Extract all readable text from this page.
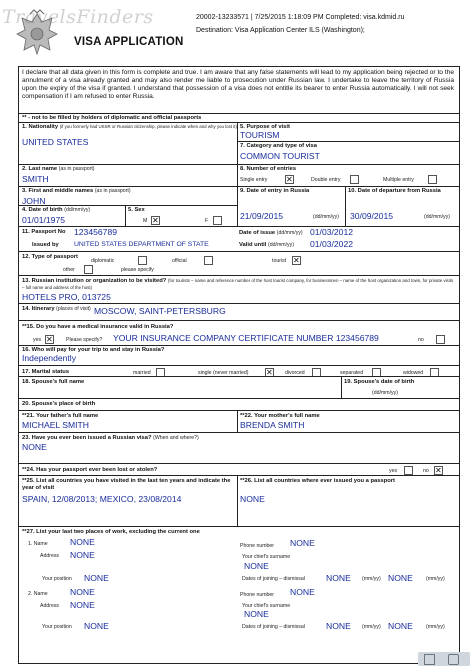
TravelsFinders	20002-13233571 | 7/25/2015 1:18:09 PM Completed: visa.kdmid.ru
Destination: Visa Application Center ILS (Washington);
VISA APPLICATION
I declare that all data given in this form is complete and true. I am aware that any false statements will lead to my application being rejected or to the annulment of a visa already granted and may also render me liable to prosecution under Russian law. I undertake to leave the territory of Russia upon the expiry of the visa if granted. I understand that possession of a visa does not entitle its bearer to enter Russia automatically. I will not seek compensation if I am refused to enter Russia.
** - not to be filled by holders of diplomatic and official passports
1. Nationality (if you formerly had USSR or Russian citizenship, please indicate when and why you lost it)
UNITED STATES
5. Purpose of visit
TOURISM
7. Category and type of visa
COMMON TOURIST
2. Last name (as in passport)
SMITH
8. Number of entries
Single entry ✕	Double entry	Multiple entry
3. First and middle names (as in passport)
JOHN
9. Date of entry in Russia
21/09/2015	(dd/mm/yy)
10. Date of departure from Russia
30/09/2015	(dd/mm/yy)
4. Date of birth (dd/mm/yy)
01/01/1975
5. Sex
M ✕	F
11. Passport No 123456789
Issued by UNITED STATES DEPARTMENT OF STATE
Date of issue (dd/mm/yy) 01/03/2012
Valid until (dd/mm/yy) 01/03/2022
12. Type of passport
diplomatic	official	tourist ✕
other	please specify
13. Russian institution or organization to be visited? (for tourists – name and reference number of the host tourist company, for businessmen – name of the host organization and town, for private visits – full name and address of the host)
HOTELS PRO, 013725
14. Itinerary (places of visit) MOSCOW, SAINT-PETERSBURG
**15. Do you have a medical insurance valid in Russia?
yes ✕	Please specify? YOUR INSURANCE COMPANY CERTIFICATE NUMBER 123456789	no
16. Who will pay for your trip to and stay in Russia?
Independently
17. Marital status	married	single (never married) ✕ divorced	separated	widowed
18. Spouse's full name	19. Spouse's date of birth
(dd/mm/yy)
20. Spouse's place of birth
**21. Your father's full name
MICHAEL SMITH
**22. Your mother's full name
BRENDA SMITH
23. Have you ever been issued a Russian visa? (When and where?)
NONE
**24. Has your passport ever been lost or stolen?	yes	no ✕
**25. List all countries you have visited in the last ten years and indicate the year of visit
SPAIN, 12/08/2013; MEXICO, 23/08/2014
**26. List all countries where ever issued you a passport
NONE
**27. List your last two places of work, excluding the current one
1. Name	NONE
Address NONE
Your position NONE
Phone number NONE
Your chief's surname
NONE
Dates of joining – dismissal NONE (mm/yy) NONE	(mm/yy)
2. Name	NONE
Address NONE
Your position NONE
Phone number NONE
Your chief's surname
NONE
Dates of joining – dismissal NONE (mm/yy) NONE	(mm/yy)
